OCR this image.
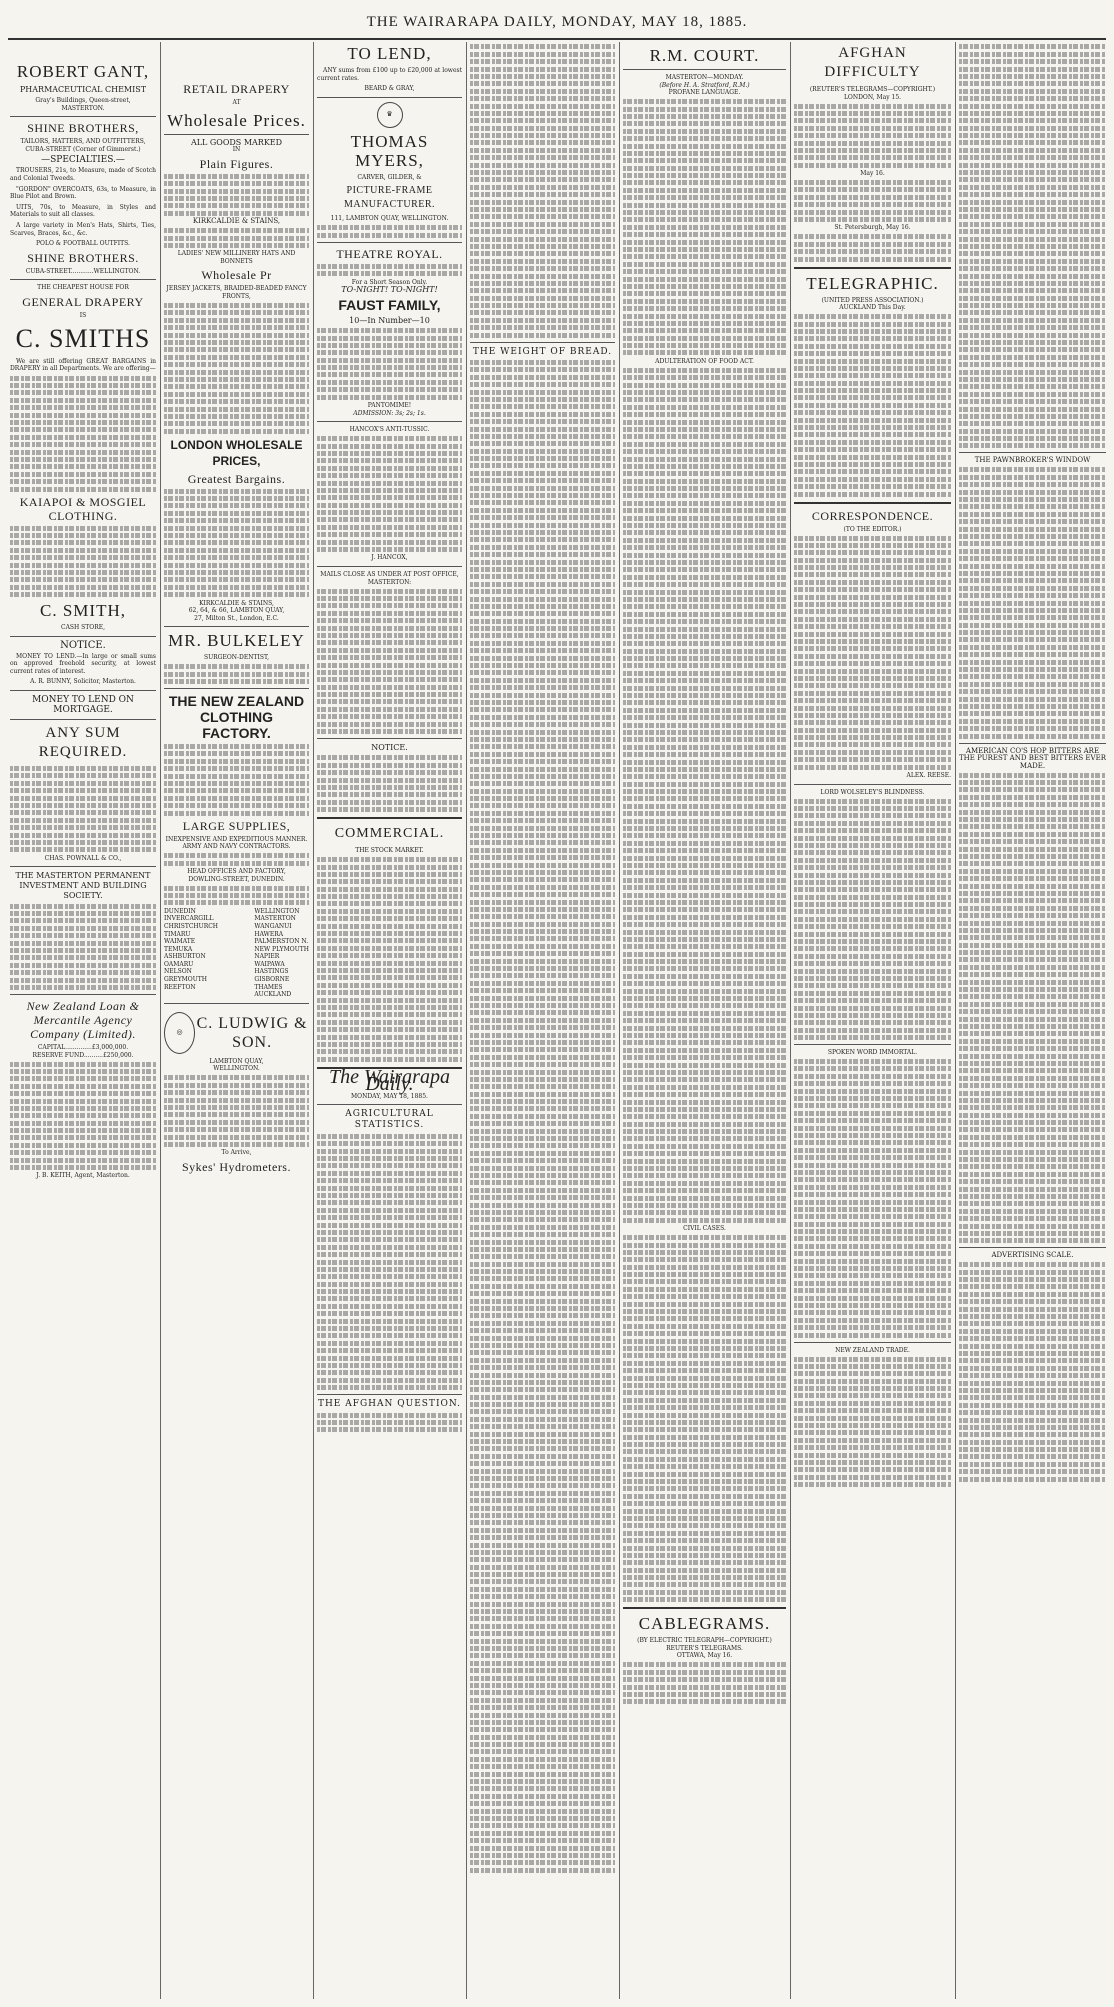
THE WAIRARAPA DAILY, MONDAY, MAY 18, 1885.
ROBERT GANT,
PHARMACEUTICAL CHEMIST
Gray's Buildings, Queen-street,
MASTERTON.
SHINE BROTHERS,
TAILORS, HATTERS, AND OUTFITTERS,
CUBA-STREET (Corner of Gimmerst.)
—SPECIALTIES.—

TROUSERS, 21s, to Measure, made of Scotch and Colonial Tweeds.

"GORDON" OVERCOATS, 63s, to Measure, in Blue Pilot and Brown.

UITS, 70s, to Measure, in Styles and Materials to suit all classes.

A large variety in Men's Hats, Shirts, Ties, Scarves, Braces, &c., &c.

POLO & FOOTBALL OUTFITS.
SHINE BROTHERS.
CUBA-STREET............WELLINGTON.
THE CHEAPEST HOUSE FOR
GENERAL DRAPERY
IS
C. SMITHS

We are still offering GREAT BARGAINS in DRAPERY in all Departments. We are offering—

KAIAPOI & MOSGIEL CLOTHING.
C. SMITH,
CASH STORE,
NOTICE.

MONEY TO LEND.—In large or small sums on approved freehold security, at lowest current rates of interest.

A. R. BUNNY, Solicitor, Masterton.
MONEY TO LEND ON MORTGAGE.
ANY SUM REQUIRED.
CHAS. POWNALL & CO.,
THE MASTERTON PERMANENT INVESTMENT AND BUILDING SOCIETY.
New Zealand Loan & Mercantile Agency Company (Limited).
CAPITAL..............£3,000,000.
RESERVE FUND..........£250,000.
J. B. KEITH, Agent, Masterton.
RETAIL DRAPERY
AT
Wholesale Prices.
ALL GOODS MARKED
IN
Plain Figures.
KIRKCALDIE & STAINS,
LADIES' NEW MILLINERY HATS AND BONNETS
Wholesale Pr
JERSEY JACKETS, BRAIDED-BEADED FANCY FRONTS,
LONDON WHOLESALE PRICES,
Greatest Bargains.
KIRKCALDIE & STAINS,
62, 64, & 66, LAMBTON QUAY,
27, Milton St., London, E.C.
MR. BULKELEY
SURGEON-DENTIST,
THE NEW ZEALAND CLOTHING FACTORY.
LARGE SUPPLIES,
INEXPENSIVE AND EXPEDITIOUS MANNER.
ARMY AND NAVY CONTRACTORS.
HEAD OFFICES AND FACTORY,
DOWLING-STREET, DUNEDIN.
DUNEDIN
INVERCARGILL
CHRISTCHURCH
TIMARU
WAIMATE
TEMUKA
ASHBURTON
OAMARU
NELSON
GREYMOUTH
REEFTON
WELLINGTON
MASTERTON
WANGANUI
HAWERA
PALMERSTON N.
NEW PLYMOUTH
NAPIER
WAIPAWA
HASTINGS
GISBORNE
THAMES
AUCKLAND
◎
C. LUDWIG & SON.
LAMBTON QUAY,
WELLINGTON.
To Arrive,
Sykes' Hydrometers.
TO LEND,

ANY sums from £100 up to £20,000 at lowest current rates.

BEARD & GRAY,
♛
THOMAS MYERS,
CARVER, GILDER, &
PICTURE-FRAME MANUFACTURER.
111, LAMBTON QUAY, WELLINGTON.
THEATRE ROYAL.
For a Short Season Only.
TO-NIGHT! TO-NIGHT!
FAUST FAMILY,
10—In Number—10
PANTOMIME!
ADMISSION: 3s; 2s; 1s.
HANCOX'S ANTI-TUSSIC.
J. HANCOX,
MAILS CLOSE AS UNDER AT POST OFFICE, MASTERTON:
NOTICE.
COMMERCIAL.
THE STOCK MARKET.
The Wairarapa Daily.
MONDAY, MAY 18, 1885.
AGRICULTURAL STATISTICS.
THE AFGHAN QUESTION.
THE WEIGHT OF BREAD.
R.M. COURT.
MASTERTON—MONDAY.
(Before H. A. Stratford, R.M.)
PROFANE LANGUAGE.
ADULTERATION OF FOOD ACT.
CIVIL CASES.
CABLEGRAMS.
(BY ELECTRIC TELEGRAPH—COPYRIGHT.)
REUTER'S TELEGRAMS.
OTTAWA, May 16.
AFGHAN DIFFICULTY
(REUTER'S TELEGRAMS—COPYRIGHT.)
LONDON, May 15.
May 16.
St. Petersburgh, May 16.
TELEGRAPHIC.
(UNITED PRESS ASSOCIATION.)
AUCKLAND This Day.
CORRESPONDENCE.
(TO THE EDITOR.)
ALEX. REESE.
LORD WOLSELEY'S BLINDNESS.
SPOKEN WORD IMMORTAL.
NEW ZEALAND TRADE.
THE PAWNBROKER'S WINDOW
AMERICAN CO'S HOP BITTERS ARE THE PUREST AND BEST BITTERS EVER MADE.
ADVERTISING SCALE.
